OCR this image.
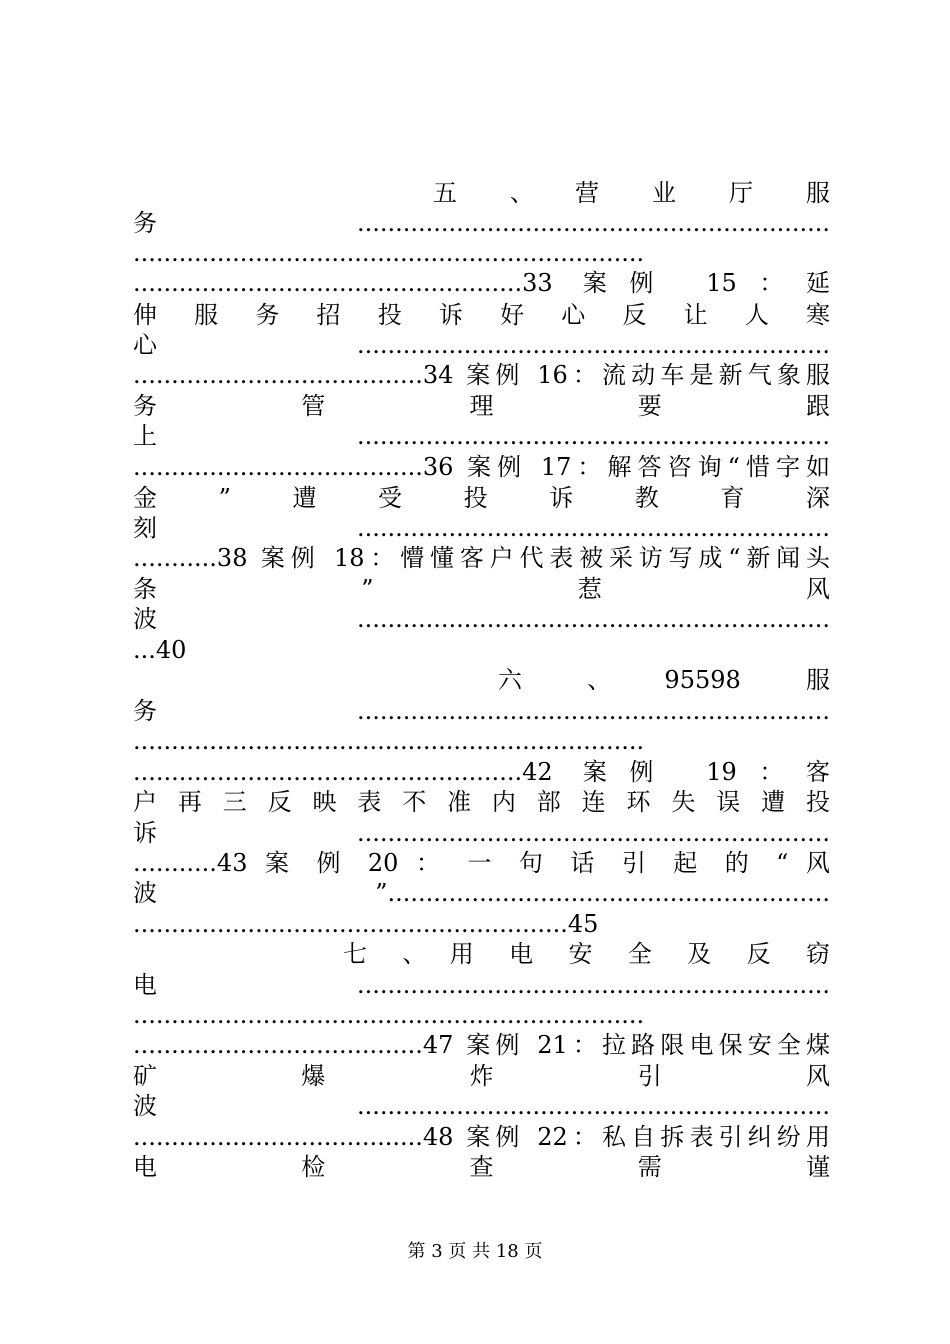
五　　、　　营　　业　　厅　　服

务..............................................................

...................................................................

...................................................33 案例 15：延

伸 服 务 招 投 诉 好 心 反 让 人 寒

心..............................................................

......................................34 案例 16：流动车是新气象服

务　　管　　理　　要　　跟

上..............................................................

......................................36 案例 17：解答咨询“惜字如

金　”　遭　受　投　诉　教　育　深

刻..............................................................

...........38 案例 18：懵懂客户代表被采访写成“新闻头

条　　”　　惹　　风

波..............................................................

...40

六　　、　　95598　　服

务..............................................................

...................................................................

...................................................42 案例 19：客

户 再 三 反 映 表 不 准 内 部 连 环 失 误 遭 投

诉..............................................................

...........43 案 例 20 ： 一 句 话 引 起 的 “ 风

波”..........................................................

.........................................................45

七　、　用　电　安　全　及　反　窃

电..............................................................

...................................................................

......................................47 案例 21：拉路限电保安全煤

矿　　爆　　炸　　引　　风

波..............................................................

......................................48 案例 22：私自拆表引纠纷用

电　　检　　查　　需　　谨

第 3 页 共 18 页
